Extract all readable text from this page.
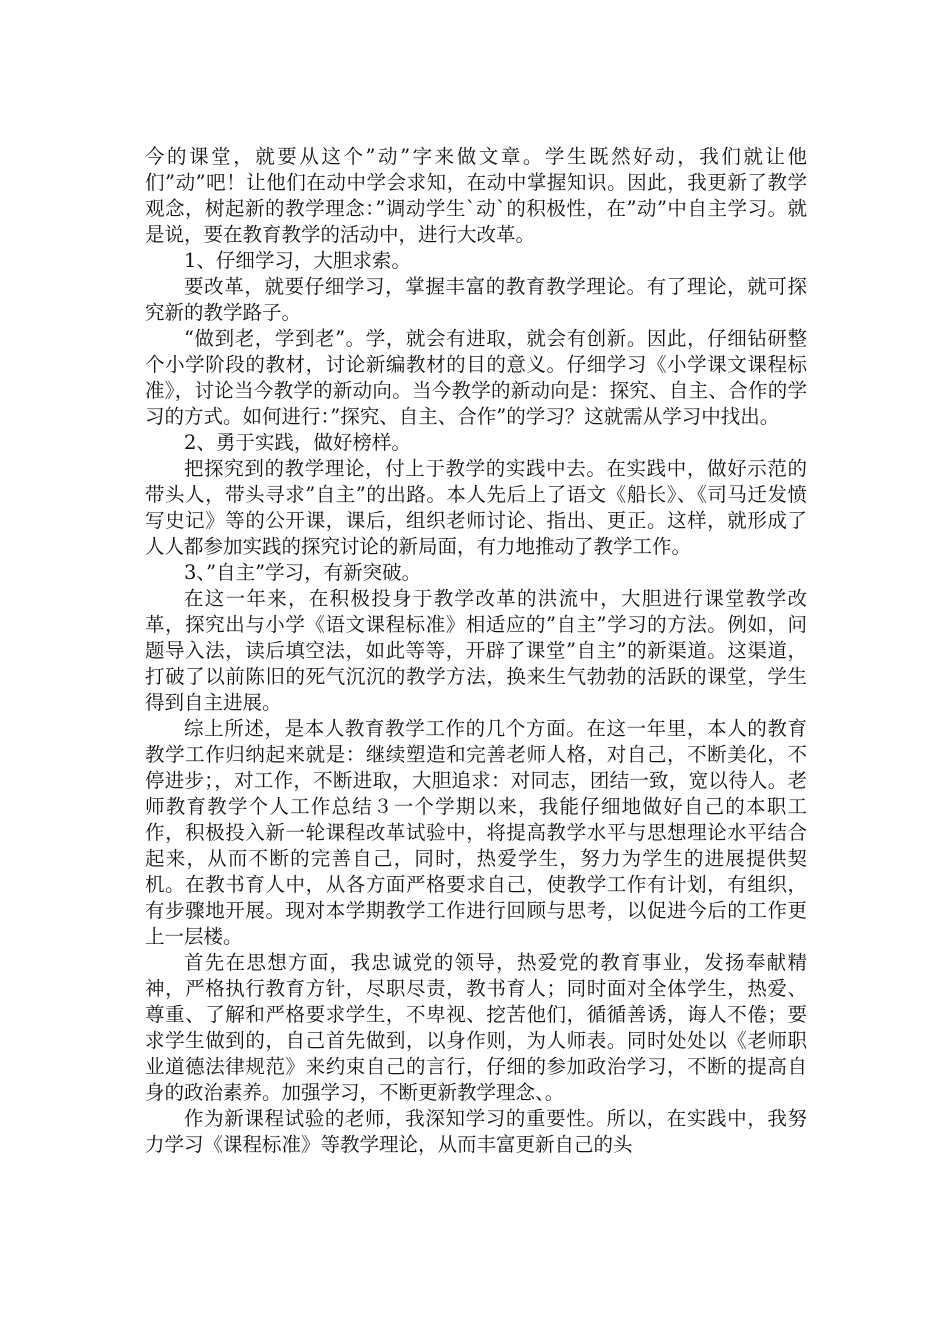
今的课堂，就要从这个”动”字来做文章。学生既然好动，我们就让他们”动”吧！让他们在动中学会求知，在动中掌握知识。因此，我更新了教学观念，树起新的教学理念：”调动学生`动`的积极性，在”动”中自主学习。就是说，要在教育教学的活动中，进行大改革。

1、仔细学习，大胆求索。

要改革，就要仔细学习，掌握丰富的教育教学理论。有了理论，就可探究新的教学路子。

“做到老，学到老”。学，就会有进取，就会有创新。因此，仔细钻研整个小学阶段的教材，讨论新编教材的目的意义。仔细学习《小学课文课程标准》，讨论当今教学的新动向。当今教学的新动向是：探究、自主、合作的学习的方式。如何进行：”探究、自主、合作”的学习？这就需从学习中找出。

2、勇于实践，做好榜样。

把探究到的教学理论，付上于教学的实践中去。在实践中，做好示范的带头人，带头寻求”自主”的出路。本人先后上了语文《船长》、《司马迁发愤写史记》等的公开课，课后，组织老师讨论、指出、更正。这样，就形成了人人都参加实践的探究讨论的新局面，有力地推动了教学工作。

3、”自主”学习，有新突破。

在这一年来，在积极投身于教学改革的洪流中，大胆进行课堂教学改革，探究出与小学《语文课程标准》相适应的”自主”学习的方法。例如，问题导入法，读后填空法，如此等等，开辟了课堂”自主”的新渠道。这渠道，打破了以前陈旧的死气沉沉的教学方法，换来生气勃勃的活跃的课堂，学生得到自主进展。

综上所述，是本人教育教学工作的几个方面。在这一年里，本人的教育教学工作归纳起来就是：继续塑造和完善老师人格，对自己，不断美化，不停进步；，对工作，不断进取，大胆追求：对同志，团结一致，宽以待人。老师教育教学个人工作总结３一个学期以来，我能仔细地做好自己的本职工作，积极投入新一轮课程改革试验中，将提高教学水平与思想理论水平结合起来，从而不断的完善自己，同时，热爱学生，努力为学生的进展提供契机。在教书育人中，从各方面严格要求自己，使教学工作有计划，有组织，有步骤地开展。现对本学期教学工作进行回顾与思考，以促进今后的工作更上一层楼。

首先在思想方面，我忠诚党的领导，热爱党的教育事业，发扬奉献精神，严格执行教育方针，尽职尽责，教书育人；同时面对全体学生，热爱、尊重、了解和严格要求学生，不卑视、挖苦他们，循循善诱，诲人不倦；要求学生做到的，自己首先做到，以身作则，为人师表。同时处处以《老师职业道德法律规范》来约束自己的言行，仔细的参加政治学习，不断的提高自身的政治素养。加强学习，不断更新教学理念、。

作为新课程试验的老师，我深知学习的重要性。所以，在实践中，我努力学习《课程标准》等教学理论，从而丰富更新自己的头
